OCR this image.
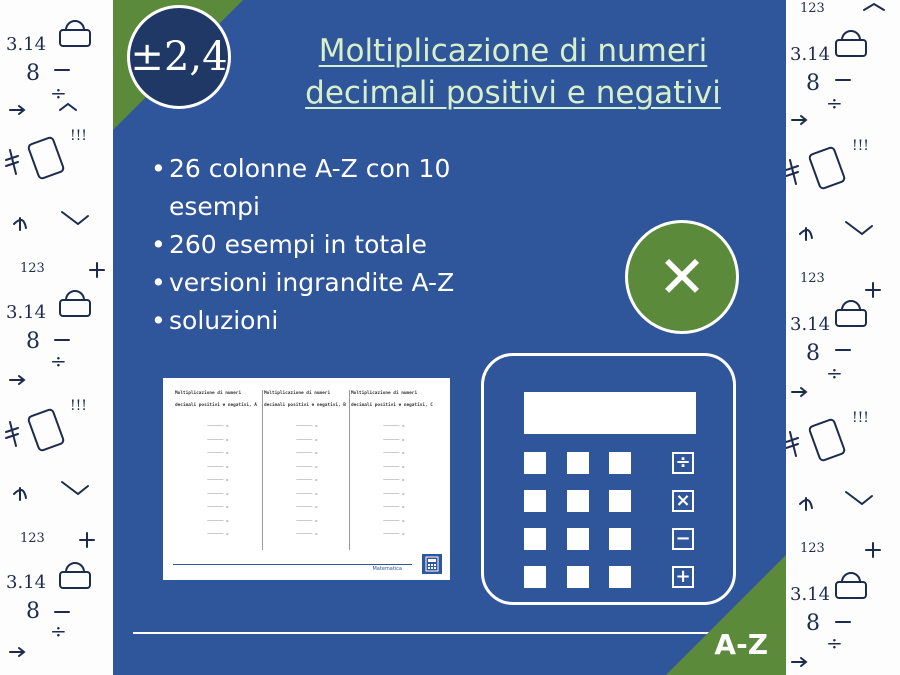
3.14
8
÷
!!!
123
3.14
8
÷
!!!
123
3.14
8
÷
±2,4	Moltiplicazione di numeri
decimali positivi e negativi
• 26 colonne A-Z con 10 esempi
• 260 esempi in totale
• versioni ingrandite A-Z
• soluzioni
✕
Moltiplicazione di numeri decimali positivi e negativi, A
────── =
────── =
────── =
────── =
────── =
────── =
────── =
────── =
────── =
Moltiplicazione di numeri decimali positivi e negativi, B
────── =
────── =
────── =
────── =
────── =
────── =
────── =
────── =
────── =
Moltiplicazione di numeri decimali positivi e negativi, C
────── =
────── =
────── =
────── =
────── =
────── =
────── =
────── =
────── =
Matematica
÷
×
−
+
A-Z
123
3.14
8
÷
!!!
123
3.14
8
÷
!!!
123
3.14
8
÷
